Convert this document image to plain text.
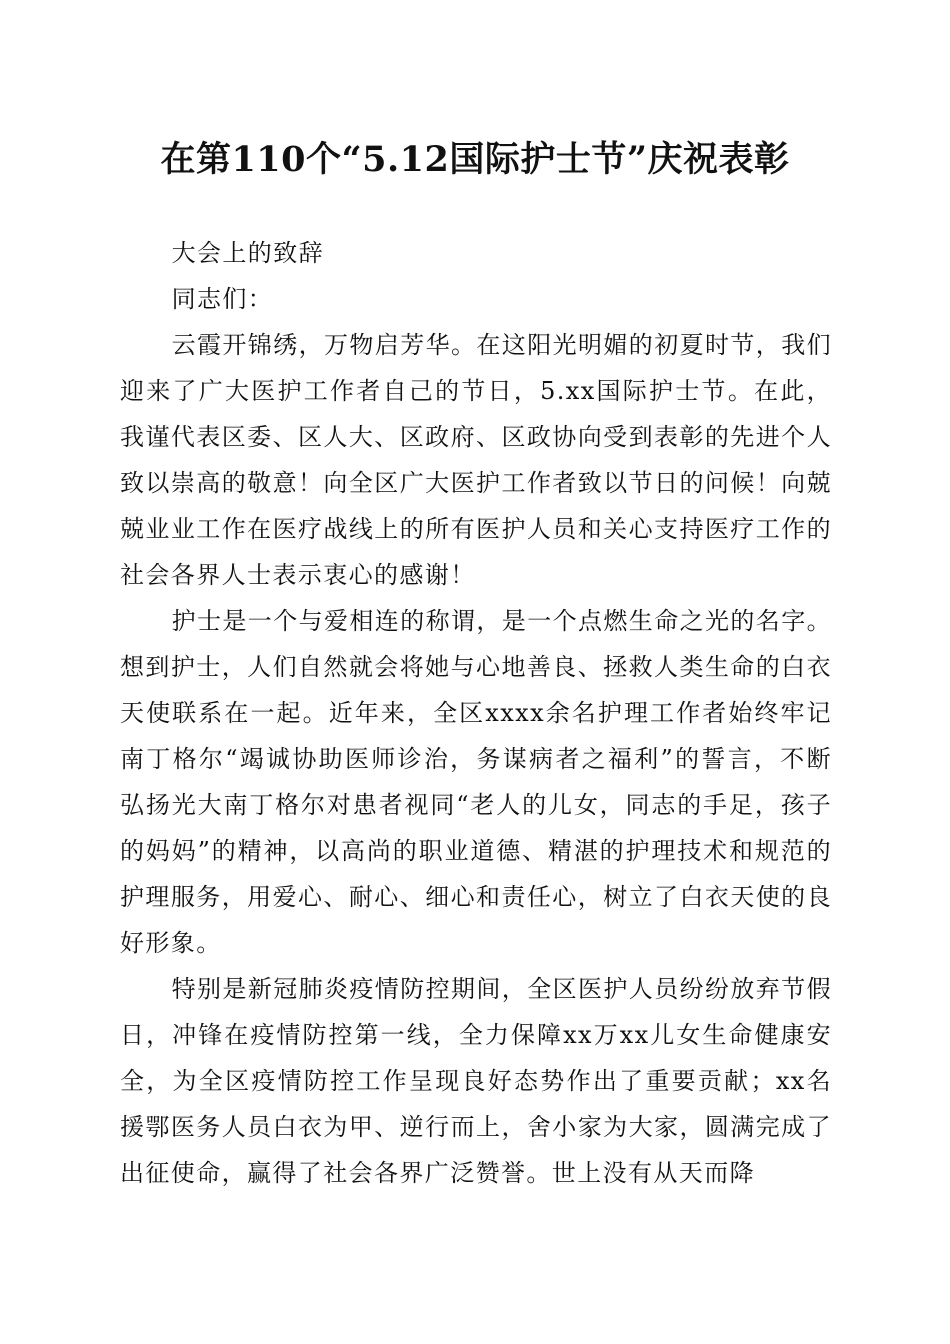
在第110个“5.12国际护士节”庆祝表彰

大会上的致辞

同志们：

云霞开锦绣，万物启芳华。在这阳光明媚的初夏时节，我们迎来了广大医护工作者自己的节日，5.xx国际护士节。在此，我谨代表区委、区人大、区政府、区政协向受到表彰的先进个人致以崇高的敬意！向全区广大医护工作者致以节日的问候！向兢兢业业工作在医疗战线上的所有医护人员和关心支持医疗工作的社会各界人士表示衷心的感谢！

护士是一个与爱相连的称谓，是一个点燃生命之光的名字。想到护士，人们自然就会将她与心地善良、拯救人类生命的白衣天使联系在一起。近年来，全区xxxx余名护理工作者始终牢记南丁格尔“竭诚协助医师诊治，务谋病者之福利”的誓言，不断弘扬光大南丁格尔对患者视同“老人的儿女，同志的手足，孩子的妈妈”的精神，以高尚的职业道德、精湛的护理技术和规范的护理服务，用爱心、耐心、细心和责任心，树立了白衣天使的良好形象。

特别是新冠肺炎疫情防控期间，全区医护人员纷纷放弃节假日，冲锋在疫情防控第一线，全力保障xx万xx儿女生命健康安全，为全区疫情防控工作呈现良好态势作出了重要贡献；xx名援鄂医务人员白衣为甲、逆行而上，舍小家为大家，圆满完成了出征使命，赢得了社会各界广泛赞誉。世上没有从天而降
